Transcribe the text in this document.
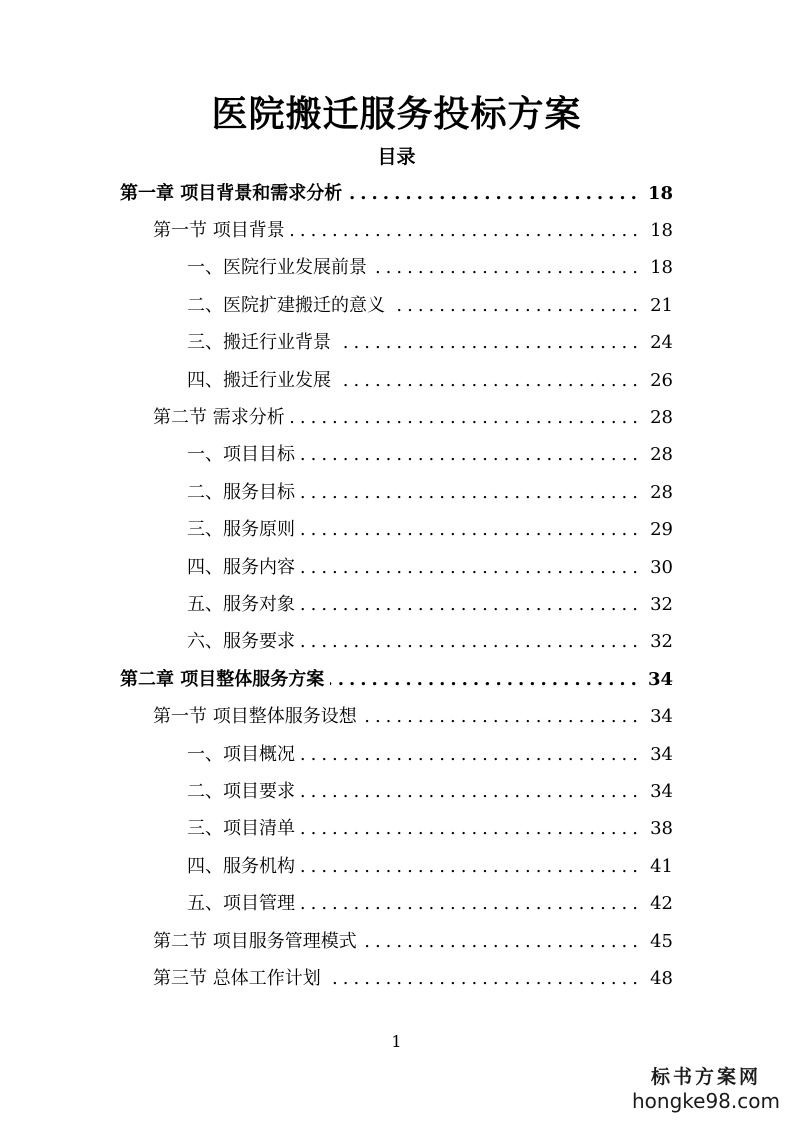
医院搬迁服务投标方案
目录
第一章 项目背景和需求分析 .....	18
第一节 项目背景 .....	18
一、医院行业发展前景 .....	18
二、医院扩建搬迁的意义 .....	21
三、搬迁行业背景 .....	24
四、搬迁行业发展 .....	26
第二节 需求分析 .....	28
一、项目目标 .....	28
二、服务目标 .....	28
三、服务原则 .....	29
四、服务内容 .....	30
五、服务对象 .....	32
六、服务要求 .....	32
第二章 项目整体服务方案 .....	34
第一节 项目整体服务设想 .....	34
一、项目概况 .....	34
二、项目要求 .....	34
三、项目清单 .....	38
四、服务机构 .....	41
五、项目管理 .....	42
第二节 项目服务管理模式 .....	45
第三节 总体工作计划 .....	48
1
标书方案网
hongke98.com
